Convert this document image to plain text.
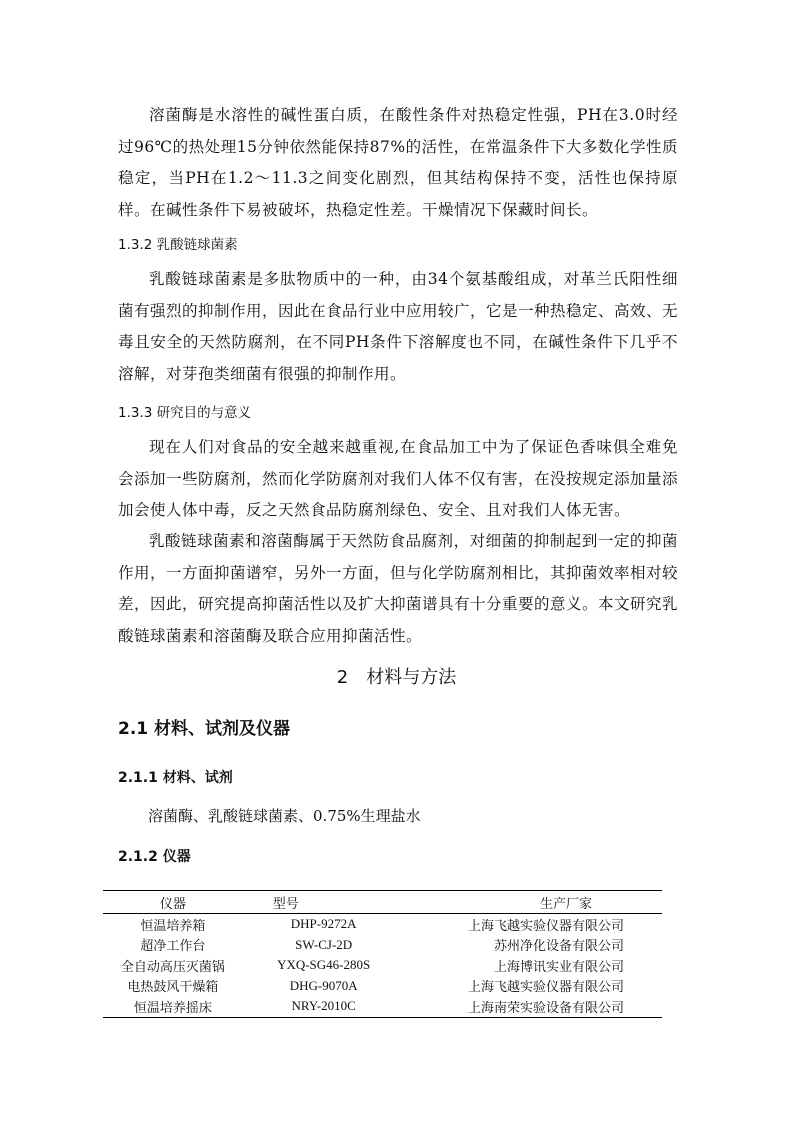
溶菌酶是水溶性的碱性蛋白质，在酸性条件对热稳定性强，PH在3.0时经过96℃的热处理15分钟依然能保持87%的活性，在常温条件下大多数化学性质稳定，当PH在1.2～11.3之间变化剧烈，但其结构保持不变，活性也保持原样。在碱性条件下易被破坏，热稳定性差。干燥情况下保藏时间长。

1.3.2 乳酸链球菌素

乳酸链球菌素是多肽物质中的一种，由34个氨基酸组成，对革兰氏阳性细菌有强烈的抑制作用，因此在食品行业中应用较广，它是一种热稳定、高效、无毒且安全的天然防腐剂，在不同PH条件下溶解度也不同，在碱性条件下几乎不溶解，对芽孢类细菌有很强的抑制作用。

1.3.3 研究目的与意义

现在人们对食品的安全越来越重视,在食品加工中为了保证色香味俱全难免会添加一些防腐剂，然而化学防腐剂对我们人体不仅有害，在没按规定添加量添加会使人体中毒，反之天然食品防腐剂绿色、安全、且对我们人体无害。

乳酸链球菌素和溶菌酶属于天然防食品腐剂，对细菌的抑制起到一定的抑菌作用，一方面抑菌谱窄，另外一方面，但与化学防腐剂相比，其抑菌效率相对较差，因此，研究提高抑菌活性以及扩大抑菌谱具有十分重要的意义。本文研究乳酸链球菌素和溶菌酶及联合应用抑菌活性。

2　材料与方法

2.1 材料、试剂及仪器

2.1.1 材料、试剂

溶菌酶、乳酸链球菌素、0.75%生理盐水

2.1.2 仪器

仪器	型号	生产厂家
恒温培养箱	DHP-9272A	上海飞越实验仪器有限公司
超净工作台	SW-CJ-2D	苏州净化设备有限公司
全自动高压灭菌锅	YXQ-SG46-280S	上海博讯实业有限公司
电热鼓风干燥箱	DHG-9070A	上海飞越实验仪器有限公司
恒温培养摇床	NRY-2010C	上海南荣实验设备有限公司
